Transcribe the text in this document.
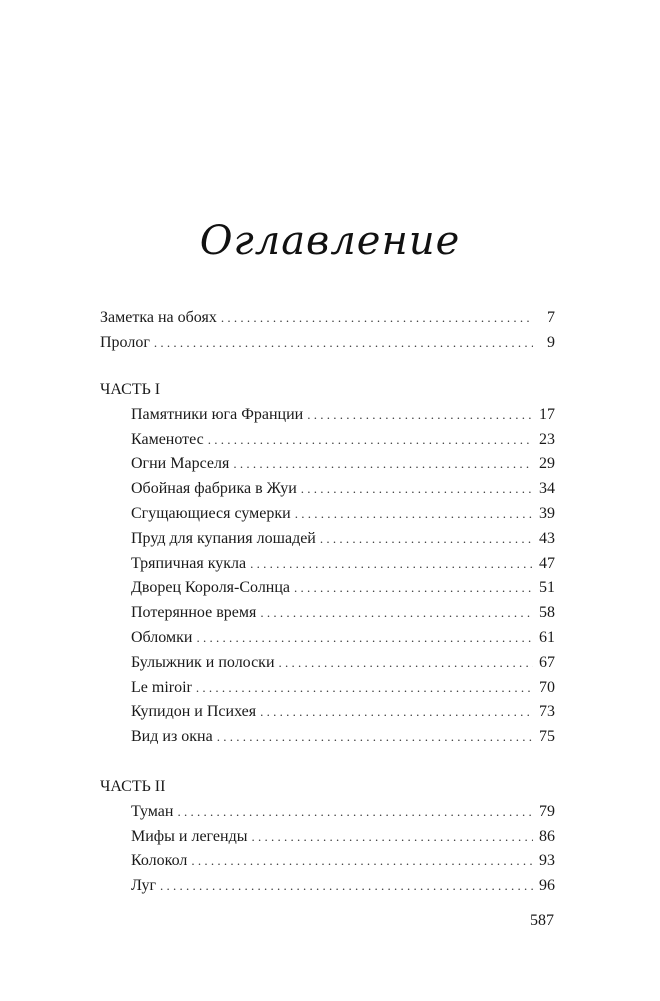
Оглавление
Заметка на обоях . . .	7
Пролог . . .	9
ЧАСТЬ I
Памятники юга Франции . . .	17
Каменотес . . .	23
Огни Марселя . . .	29
Обойная фабрика в Жуи . . .	34
Сгущающиеся сумерки . . .	39
Пруд для купания лошадей . . .	43
Тряпичная кукла . . .	47
Дворец Короля-Солнца . . .	51
Потерянное время . . .	58
Обломки . . .	61
Булыжник и полоски . . .	67
Le miroir . . .	70
Купидон и Психея . . .	73
Вид из окна . . .	75
ЧАСТЬ II
Туман . . .	79
Мифы и легенды . . .	86
Колокол . . .	93
Луг . . .	96
587
